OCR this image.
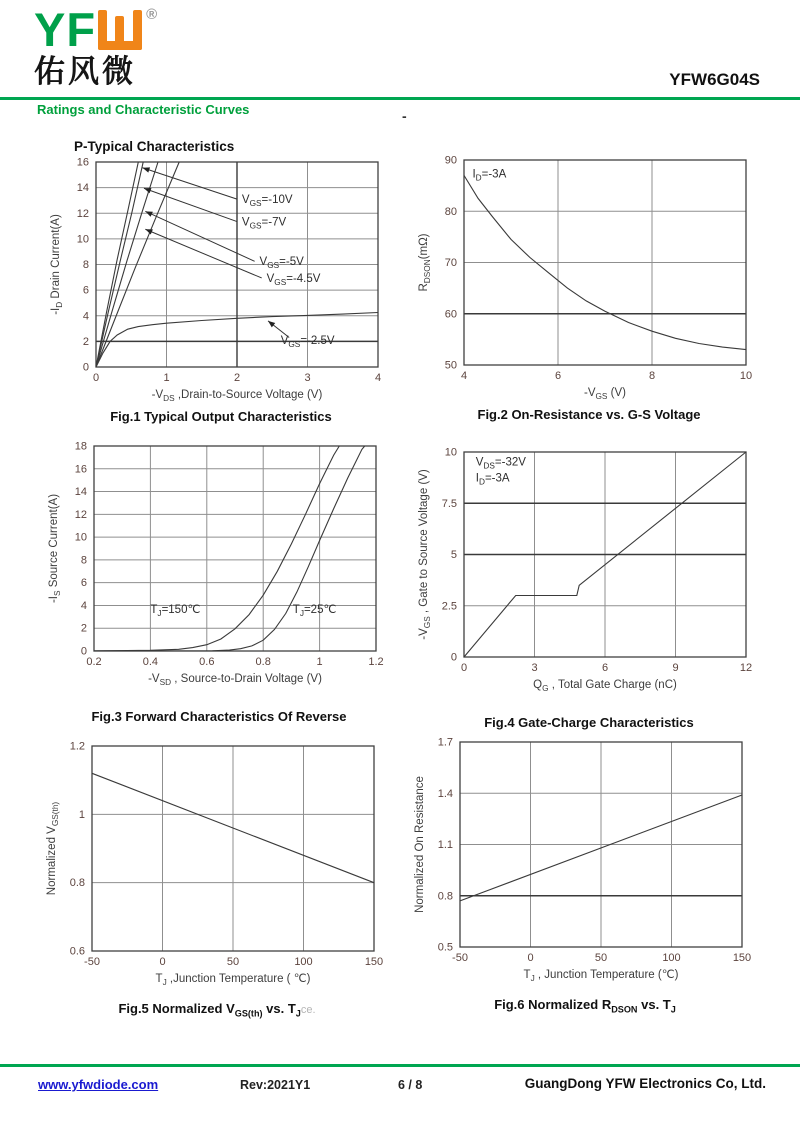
YF	®
佑风微	YFW6G04S
Ratings and Characteristic Curves	-
P-Typical Characteristics
0	1	2	3	4
0
2
4
6
8
10
12
14
16
$V_{GS}=-10V$
$V_{GS}=-7V$
$V_{GS}=-5V$
$V_{GS}=-4.5V$
$V_{GS}=-2.5V$
$-V_{DS}$ ,Drain-to-Source Voltage (V)
$-I_D$ Drain Current(A)
Fig.1 Typical Output Characteristics
4	6	8	10
50
60
70
80
90
$I_D=-3A$
$-V_{GS}$ (V)
$R_{DSON}(m\Omega)$
Fig.2 On-Resistance vs. G-S Voltage
0.2	0.4	0.6	0.8	1	1.2
0
2
4
6
8
10
12
14
16
18
$T_J=150℃$	$T_J=25℃$
$-V_{SD}$ , Source-to-Drain Voltage (V)
$-I_S$ Source Current(A)
Fig.3 Forward Characteristics Of Reverse
0	3	6	9	12
0
2.5
5
7.5
10
$V_{DS}=-32V$
$I_D=-3A$
$Q_G$ , Total Gate Charge (nC)
$-V_{GS}$ , Gate to Source Voltage (V)
Fig.4 Gate-Charge Characteristics
-50	0	50	100	150
0.6
0.8
1
1.2
$T_J$ ,Junction Temperature ( ℃)
Normalized $V_{GS(th)}$
Fig.5 Normalized $V_{GS(th)}$ vs. $T_Jce$.
-50	0	50	100	150
0.5
0.8
1.1
1.4
1.7
$T_J$ , Junction Temperature (℃)
Normalized On Resistance
Fig.6 Normalized $R_{DSON}$ vs. $T_J$
www.yfwdiode.com	Rev:2021Y1	6 / 8	GuangDong YFW Electronics Co, Ltd.
